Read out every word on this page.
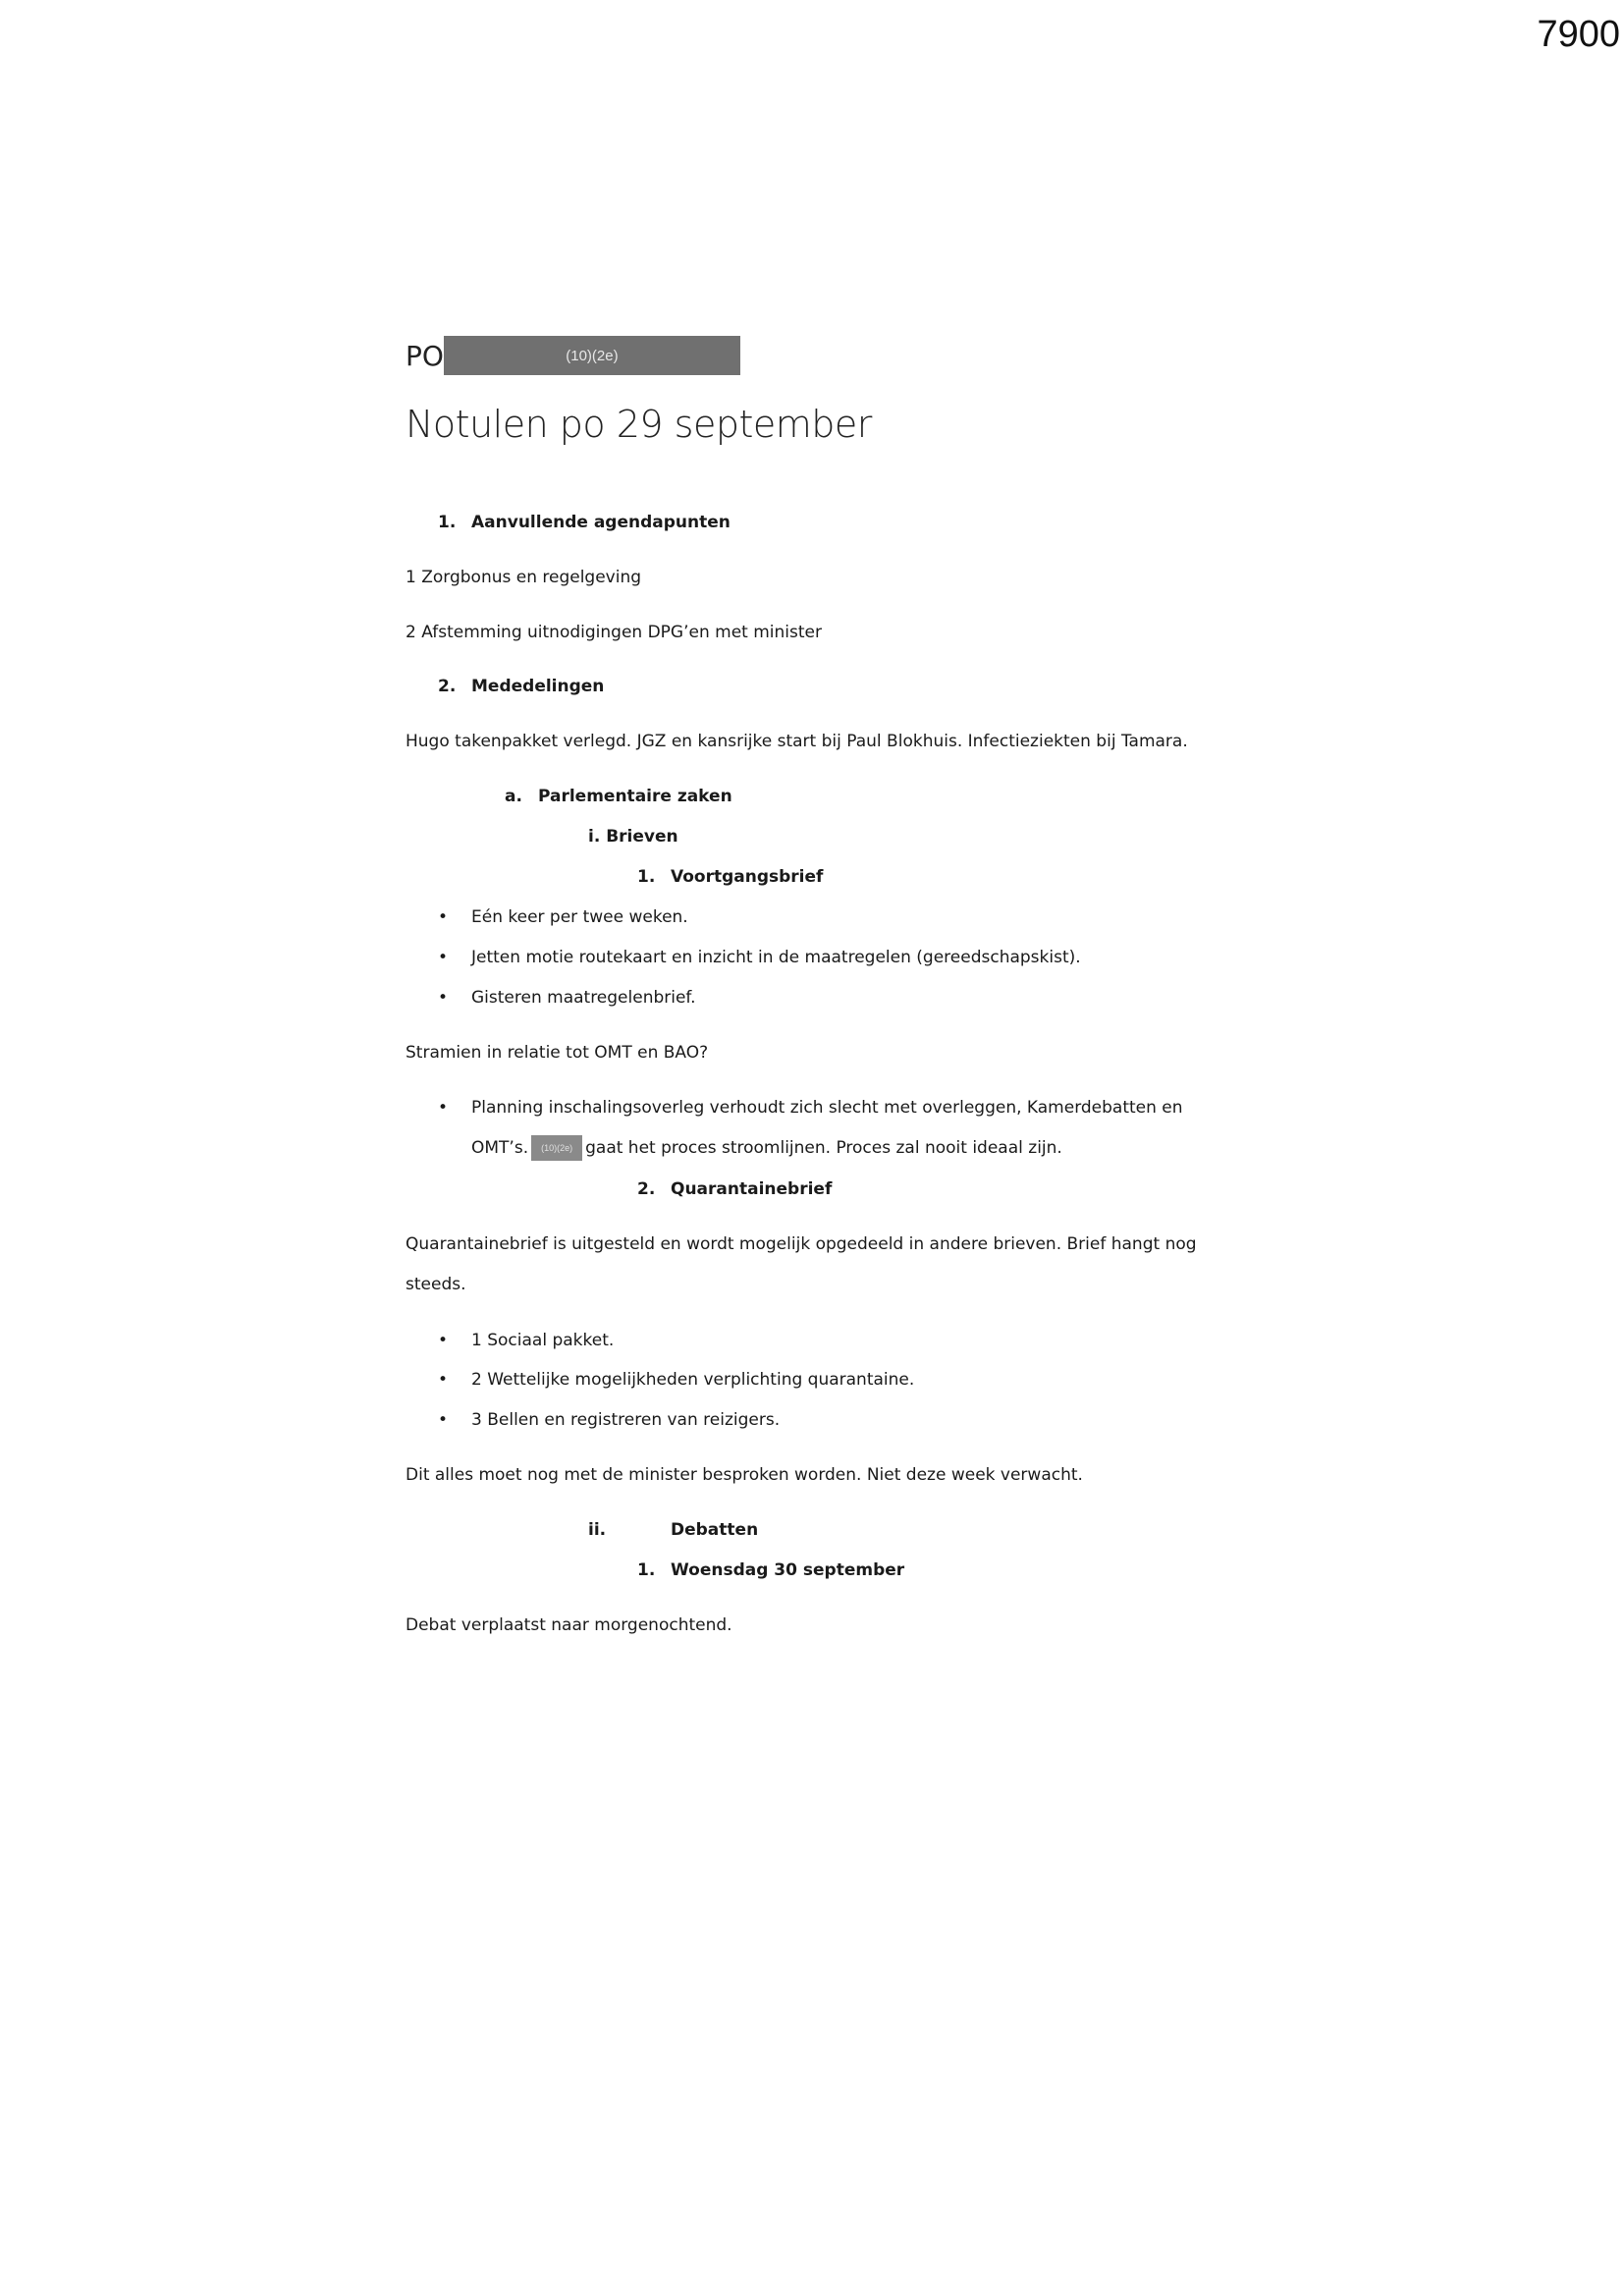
7900
PO	(10)(2e)
Notulen po 29 september
1. Aanvullende agendapunten
1 Zorgbonus en regelgeving
2 Afstemming uitnodigingen DPG’en met minister
2. Mededelingen
Hugo takenpakket verlegd. JGZ en kansrijke start bij Paul Blokhuis. Infectieziekten bij Tamara.
a. Parlementaire zaken
i. Brieven
1. Voortgangsbrief
• Eén keer per twee weken.
• Jetten motie routekaart en inzicht in de maatregelen (gereedschapskist).
• Gisteren maatregelenbrief.
Stramien in relatie tot OMT en BAO?
• Planning inschalingsoverleg verhoudt zich slecht met overleggen, Kamerdebatten en
OMT’s. (10)(2e) gaat het proces stroomlijnen. Proces zal nooit ideaal zijn.
2. Quarantainebrief
Quarantainebrief is uitgesteld en wordt mogelijk opgedeeld in andere brieven. Brief hangt nog
steeds.
• 1 Sociaal pakket.
• 2 Wettelijke mogelijkheden verplichting quarantaine.
• 3 Bellen en registreren van reizigers.
Dit alles moet nog met de minister besproken worden. Niet deze week verwacht.
ii.	Debatten
1. Woensdag 30 september
Debat verplaatst naar morgenochtend.
